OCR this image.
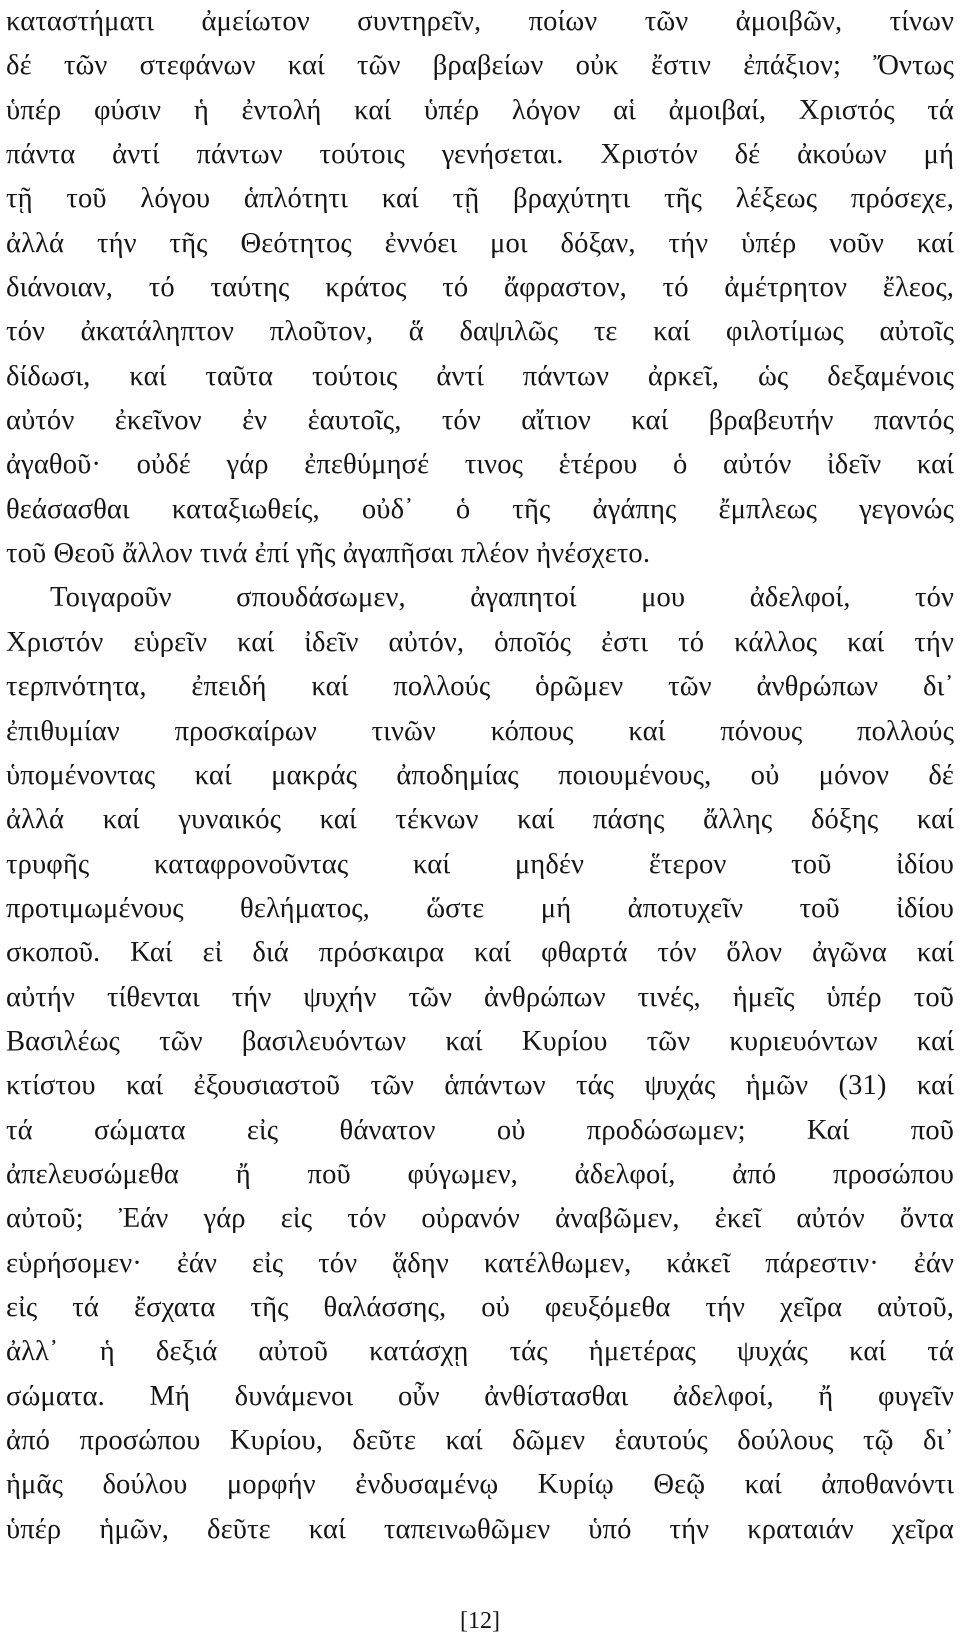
καταστήματι ἀμείωτον συντηρεῖν, ποίων τῶν ἀμοιβῶν, τίνων
δέ τῶν στεφάνων καί τῶν βραβείων οὐκ ἔστιν ἐπάξιον; Ὄντως
ὑπέρ φύσιν ἡ ἐντολή καί ὑπέρ λόγον αἱ ἀμοιβαί, Χριστός τά
πάντα ἀντί πάντων τούτοις γενήσεται. Χριστόν δέ ἀκούων μή
τῇ τοῦ λόγου ἁπλότητι καί τῇ βραχύτητι τῆς λέξεως πρόσεχε,
ἀλλά τήν τῆς Θεότητος ἐννόει μοι δόξαν, τήν ὑπέρ νοῦν καί
διάνοιαν, τό ταύτης κράτος τό ἄφραστον, τό ἀμέτρητον ἔλεος,
τόν ἀκατάληπτον πλοῦτον, ἅ δαψιλῶς τε καί φιλοτίμως αὐτοῖς
δίδωσι, καί ταῦτα τούτοις ἀντί πάντων ἀρκεῖ, ὡς δεξαμένοις
αὐτόν ἐκεῖνον ἐν ἑαυτοῖς, τόν αἴτιον καί βραβευτήν παντός
ἀγαθοῦ· οὐδέ γάρ ἐπεθύμησέ τινος ἑτέρου ὁ αὐτόν ἰδεῖν καί
θεάσασθαι καταξιωθείς, οὐδ᾽ ὁ τῆς ἀγάπης ἔμπλεως γεγονώς
τοῦ Θεοῦ ἄλλον τινά ἐπί γῆς ἀγαπῆσαι πλέον ἠνέσχετο.
Τοιγαροῦν σπουδάσωμεν, ἀγαπητοί μου ἀδελφοί, τόν
Χριστόν εὑρεῖν καί ἰδεῖν αὐτόν, ὁποῖός ἐστι τό κάλλος καί τήν
τερπνότητα, ἐπειδή καί πολλούς ὁρῶμεν τῶν ἀνθρώπων δι᾽
ἐπιθυμίαν προσκαίρων τινῶν κόπους καί πόνους πολλούς
ὑπομένοντας καί μακράς ἀποδημίας ποιουμένους, οὐ μόνον δέ
ἀλλά καί γυναικός καί τέκνων καί πάσης ἄλλης δόξης καί
τρυφῆς καταφρονοῦντας καί μηδέν ἕτερον τοῦ ἰδίου
προτιμωμένους θελήματος, ὥστε μή ἀποτυχεῖν τοῦ ἰδίου
σκοποῦ. Καί εἰ διά πρόσκαιρα καί φθαρτά τόν ὅλον ἀγῶνα καί
αὐτήν τίθενται τήν ψυχήν τῶν ἀνθρώπων τινές, ἡμεῖς ὑπέρ τοῦ
Βασιλέως τῶν βασιλευόντων καί Κυρίου τῶν κυριευόντων καί
κτίστου καί ἐξουσιαστοῦ τῶν ἁπάντων τάς ψυχάς ἡμῶν (31) καί
τά σώματα εἰς θάνατον οὐ προδώσωμεν; Καί ποῦ
ἀπελευσώμεθα ἤ ποῦ φύγωμεν, ἀδελφοί, ἀπό προσώπου
αὐτοῦ; Ἐάν γάρ εἰς τόν οὐρανόν ἀναβῶμεν, ἐκεῖ αὐτόν ὄντα
εὑρήσομεν· ἐάν εἰς τόν ᾅδην κατέλθωμεν, κἀκεῖ πάρεστιν· ἐάν
εἰς τά ἔσχατα τῆς θαλάσσης, οὐ φευξόμεθα τήν χεῖρα αὐτοῦ,
ἀλλ᾽ ἡ δεξιά αὐτοῦ κατάσχῃ τάς ἡμετέρας ψυχάς καί τά
σώματα. Μή δυνάμενοι οὖν ἀνθίστασθαι ἀδελφοί, ἤ φυγεῖν
ἀπό προσώπου Κυρίου, δεῦτε καί δῶμεν ἑαυτούς δούλους τῷ δι᾽
ἡμᾶς δούλου μορφήν ἐνδυσαμένῳ Κυρίῳ Θεῷ καί ἀποθανόντι
ὑπέρ ἡμῶν, δεῦτε καί ταπεινωθῶμεν ὑπό τήν κραταιάν χεῖρα
[12]
